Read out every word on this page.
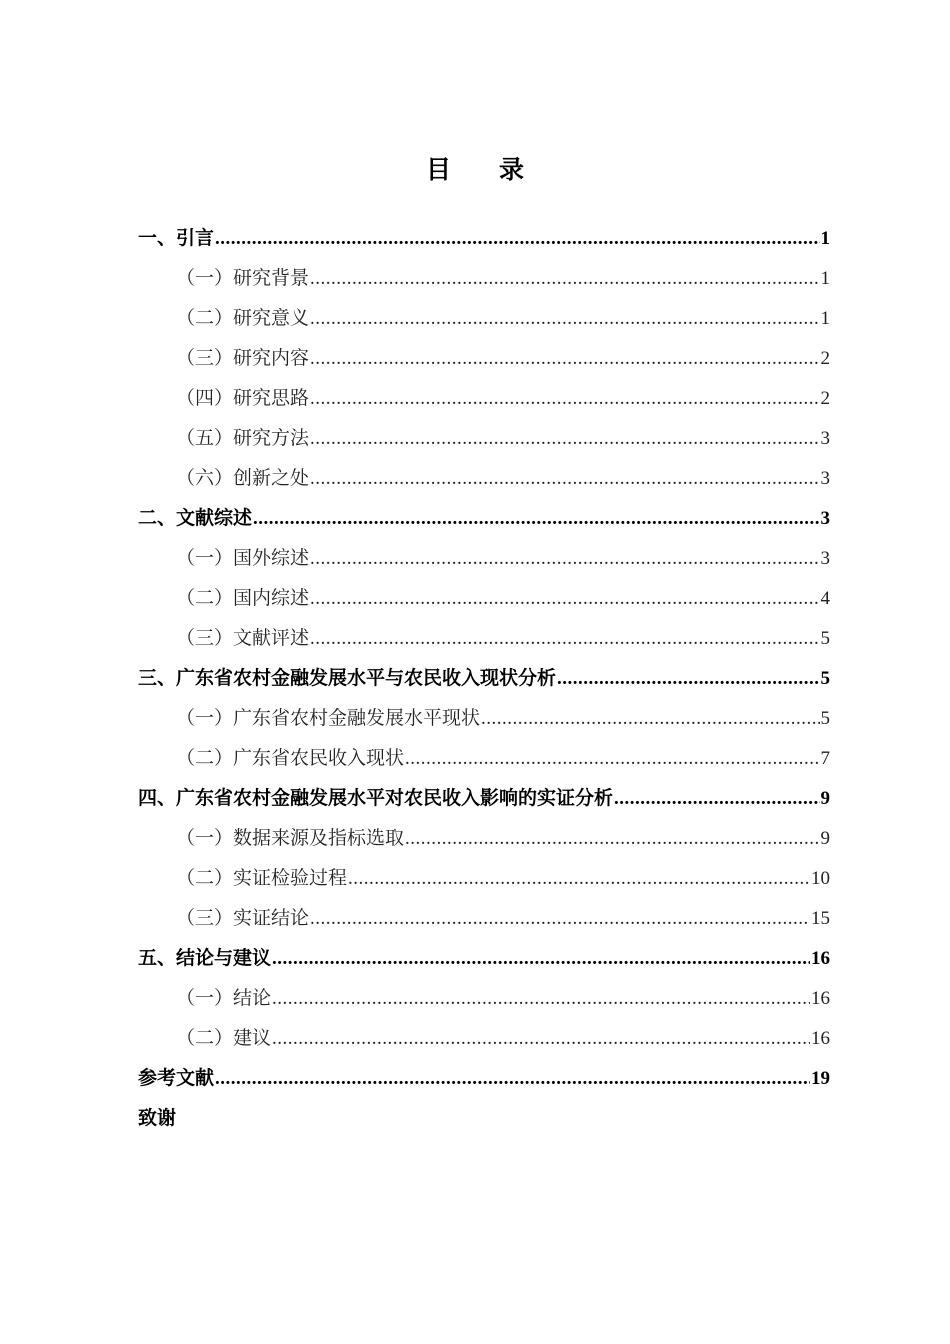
目 录
一、引言 .....	1
（一）研究背景 .....	1
（二）研究意义 .....	1
（三）研究内容 .....	2
（四）研究思路 .....	2
（五）研究方法 .....	3
（六）创新之处 .....	3
二、文献综述 .....	3
（一）国外综述 .....	3
（二）国内综述 .....	4
（三）文献评述 .....	5
三、广东省农村金融发展水平与农民收入现状分析 .....	5
（一）广东省农村金融发展水平现状 .....	5
（二）广东省农民收入现状 .....	7
四、广东省农村金融发展水平对农民收入影响的实证分析 .....	9
（一）数据来源及指标选取 .....	9
（二）实证检验过程 .....	10
（三）实证结论 .....	15
五、结论与建议 .....	16
（一）结论 .....	16
（二）建议 .....	16
参考文献 .....	19
致谢
